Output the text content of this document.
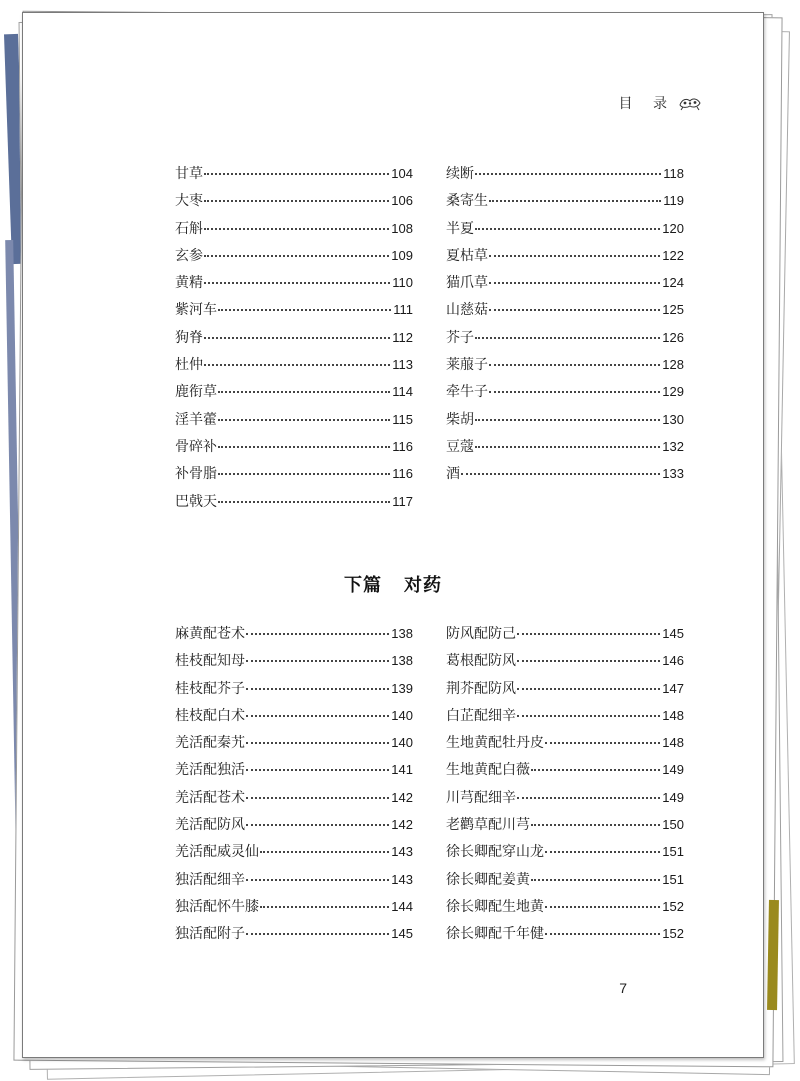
目 录
甘草	104
大枣	106
石斛	108
玄参	109
黄精	110
紫河车	111
狗脊	112
杜仲	113
鹿衔草	114
淫羊藿	115
骨碎补	116
补骨脂	116
巴戟天	117
续断	118
桑寄生	119
半夏	120
夏枯草	122
猫爪草	124
山慈菇	125
芥子	126
莱菔子	128
牵牛子	129
柴胡	130
豆蔻	132
酒	133
下篇 对药
麻黄配苍术	138
桂枝配知母	138
桂枝配芥子	139
桂枝配白术	140
羌活配秦艽	140
羌活配独活	141
羌活配苍术	142
羌活配防风	142
羌活配威灵仙	143
独活配细辛	143
独活配怀牛膝	144
独活配附子	145
防风配防己	145
葛根配防风	146
荆芥配防风	147
白芷配细辛	148
生地黄配牡丹皮	148
生地黄配白薇	149
川芎配细辛	149
老鹳草配川芎	150
徐长卿配穿山龙	151
徐长卿配姜黄	151
徐长卿配生地黄	152
徐长卿配千年健	152
7
